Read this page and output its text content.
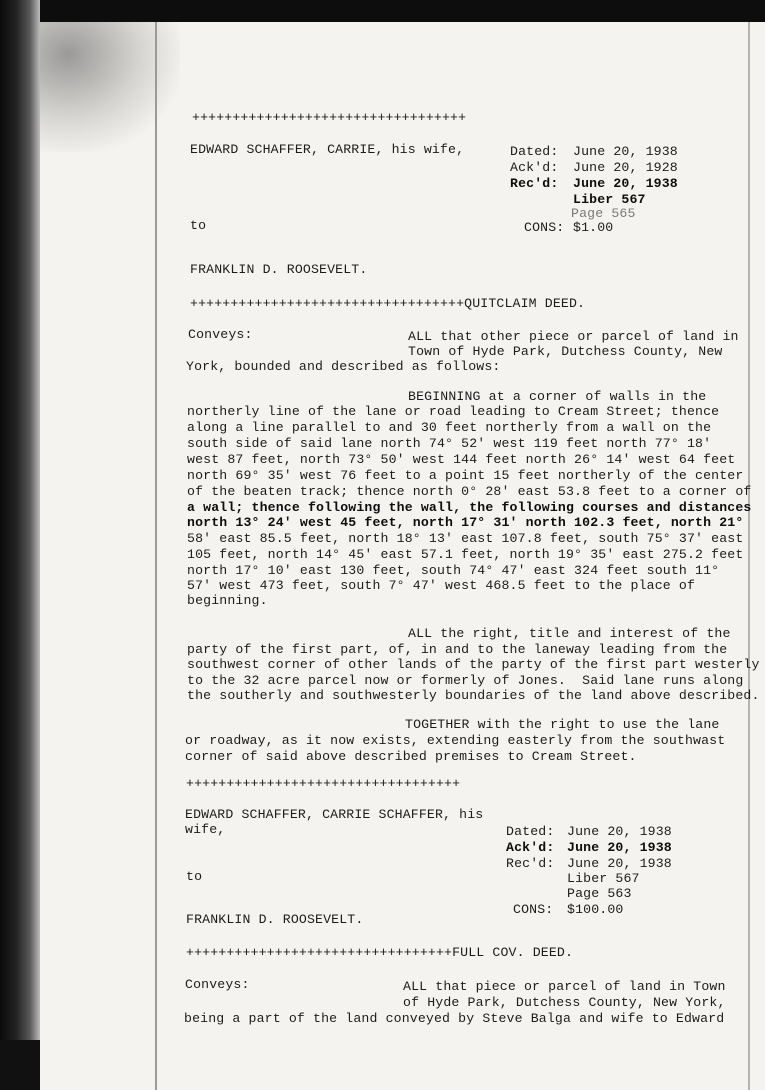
++++++++++++++++++++++++++++++++++
EDWARD SCHAFFER, CARRIE, his wife,	Dated: June 20, 1938
Ack'd: June 20, 1928
Rec'd: June 20, 1938
Liber 567
Page 565
to	CONS: $1.00
FRANKLIN D. ROOSEVELT.
++++++++++++++++++++++++++++++++++QUITCLAIM DEED.
Conveys:	ALL that other piece or parcel of land in
Town of Hyde Park, Dutchess County, New
York, bounded and described as follows:
BEGINNING at a corner of walls in the
northerly line of the lane or road leading to Cream Street; thence
along a line parallel to and 30 feet northerly from a wall on the
south side of said lane north 74° 52' west 119 feet north 77° 18'
west 87 feet, north 73° 50' west 144 feet north 26° 14' west 64 feet
north 69° 35' west 76 feet to a point 15 feet northerly of the center
of the beaten track; thence north 0° 28' east 53.8 feet to a corner of
a wall; thence following the wall, the following courses and distances
north 13° 24' west 45 feet, north 17° 31' north 102.3 feet, north 21°
58' east 85.5 feet, north 18° 13' east 107.8 feet, south 75° 37' east
105 feet, north 14° 45' east 57.1 feet, north 19° 35' east 275.2 feet
north 17° 10' east 130 feet, south 74° 47' east 324 feet south 11°
57' west 473 feet, south 7° 47' west 468.5 feet to the place of
beginning.
ALL the right, title and interest of the
party of the first part, of, in and to the laneway leading from the
southwest corner of other lands of the party of the first part westerly
to the 32 acre parcel now or formerly of Jones.  Said lane runs along
the southerly and southwesterly boundaries of the land above described.
TOGETHER with the right to use the lane
or roadway, as it now exists, extending easterly from the southwast
corner of said above described premises to Cream Street.
++++++++++++++++++++++++++++++++++
EDWARD SCHAFFER, CARRIE SCHAFFER, his
wife,	Dated: June 20, 1938
Ack'd: June 20, 1938
Rec'd: June 20, 1938
Liber 567
to
Page 563
CONS: $100.00
FRANKLIN D. ROOSEVELT.
+++++++++++++++++++++++++++++++++FULL COV. DEED.
Conveys:	ALL that piece or parcel of land in Town
of Hyde Park, Dutchess County, New York,
being a part of the land conveyed by Steve Balga and wife to Edward
